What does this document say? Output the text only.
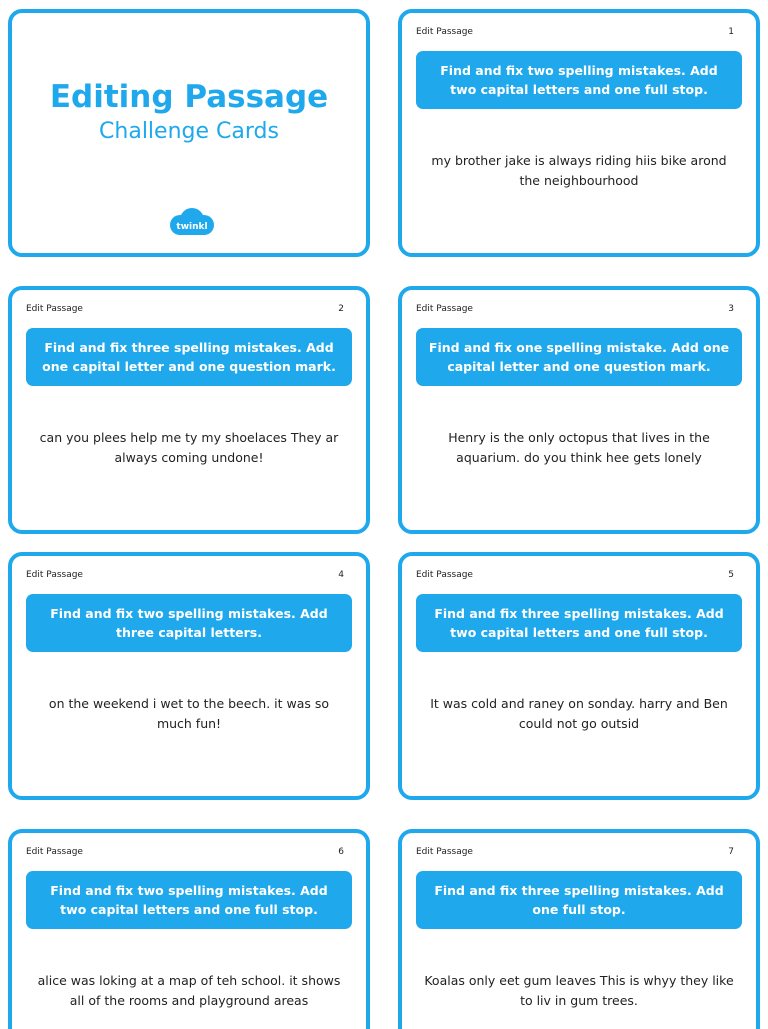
Editing Passage
Challenge Cards
twinkl
Edit Passage	1
Find and fix two spelling mistakes. Add two capital letters and one full stop.
my brother jake is always riding hiis bike arond the neighbourhood
Edit Passage	2
Find and fix three spelling mistakes. Add one capital letter and one question mark.
can you plees help me ty my shoelaces They ar always coming undone!
Edit Passage	3
Find and fix one spelling mistake. Add one capital letter and one question mark.
Henry is the only octopus that lives in the aquarium. do you think hee gets lonely
Edit Passage	4
Find and fix two spelling mistakes. Add three capital letters.
on the weekend i wet to the beech. it was so much fun!
Edit Passage	5
Find and fix three spelling mistakes. Add two capital letters and one full stop.
It was cold and raney on sonday. harry and Ben could not go outsid
Edit Passage	6
Find and fix two spelling mistakes. Add two capital letters and one full stop.
alice was loking at a map of teh school. it shows all of the rooms and playground areas
Edit Passage	7
Find and fix three spelling mistakes. Add one full stop.
Koalas only eet gum leaves This is whyy they like to liv in gum trees.
